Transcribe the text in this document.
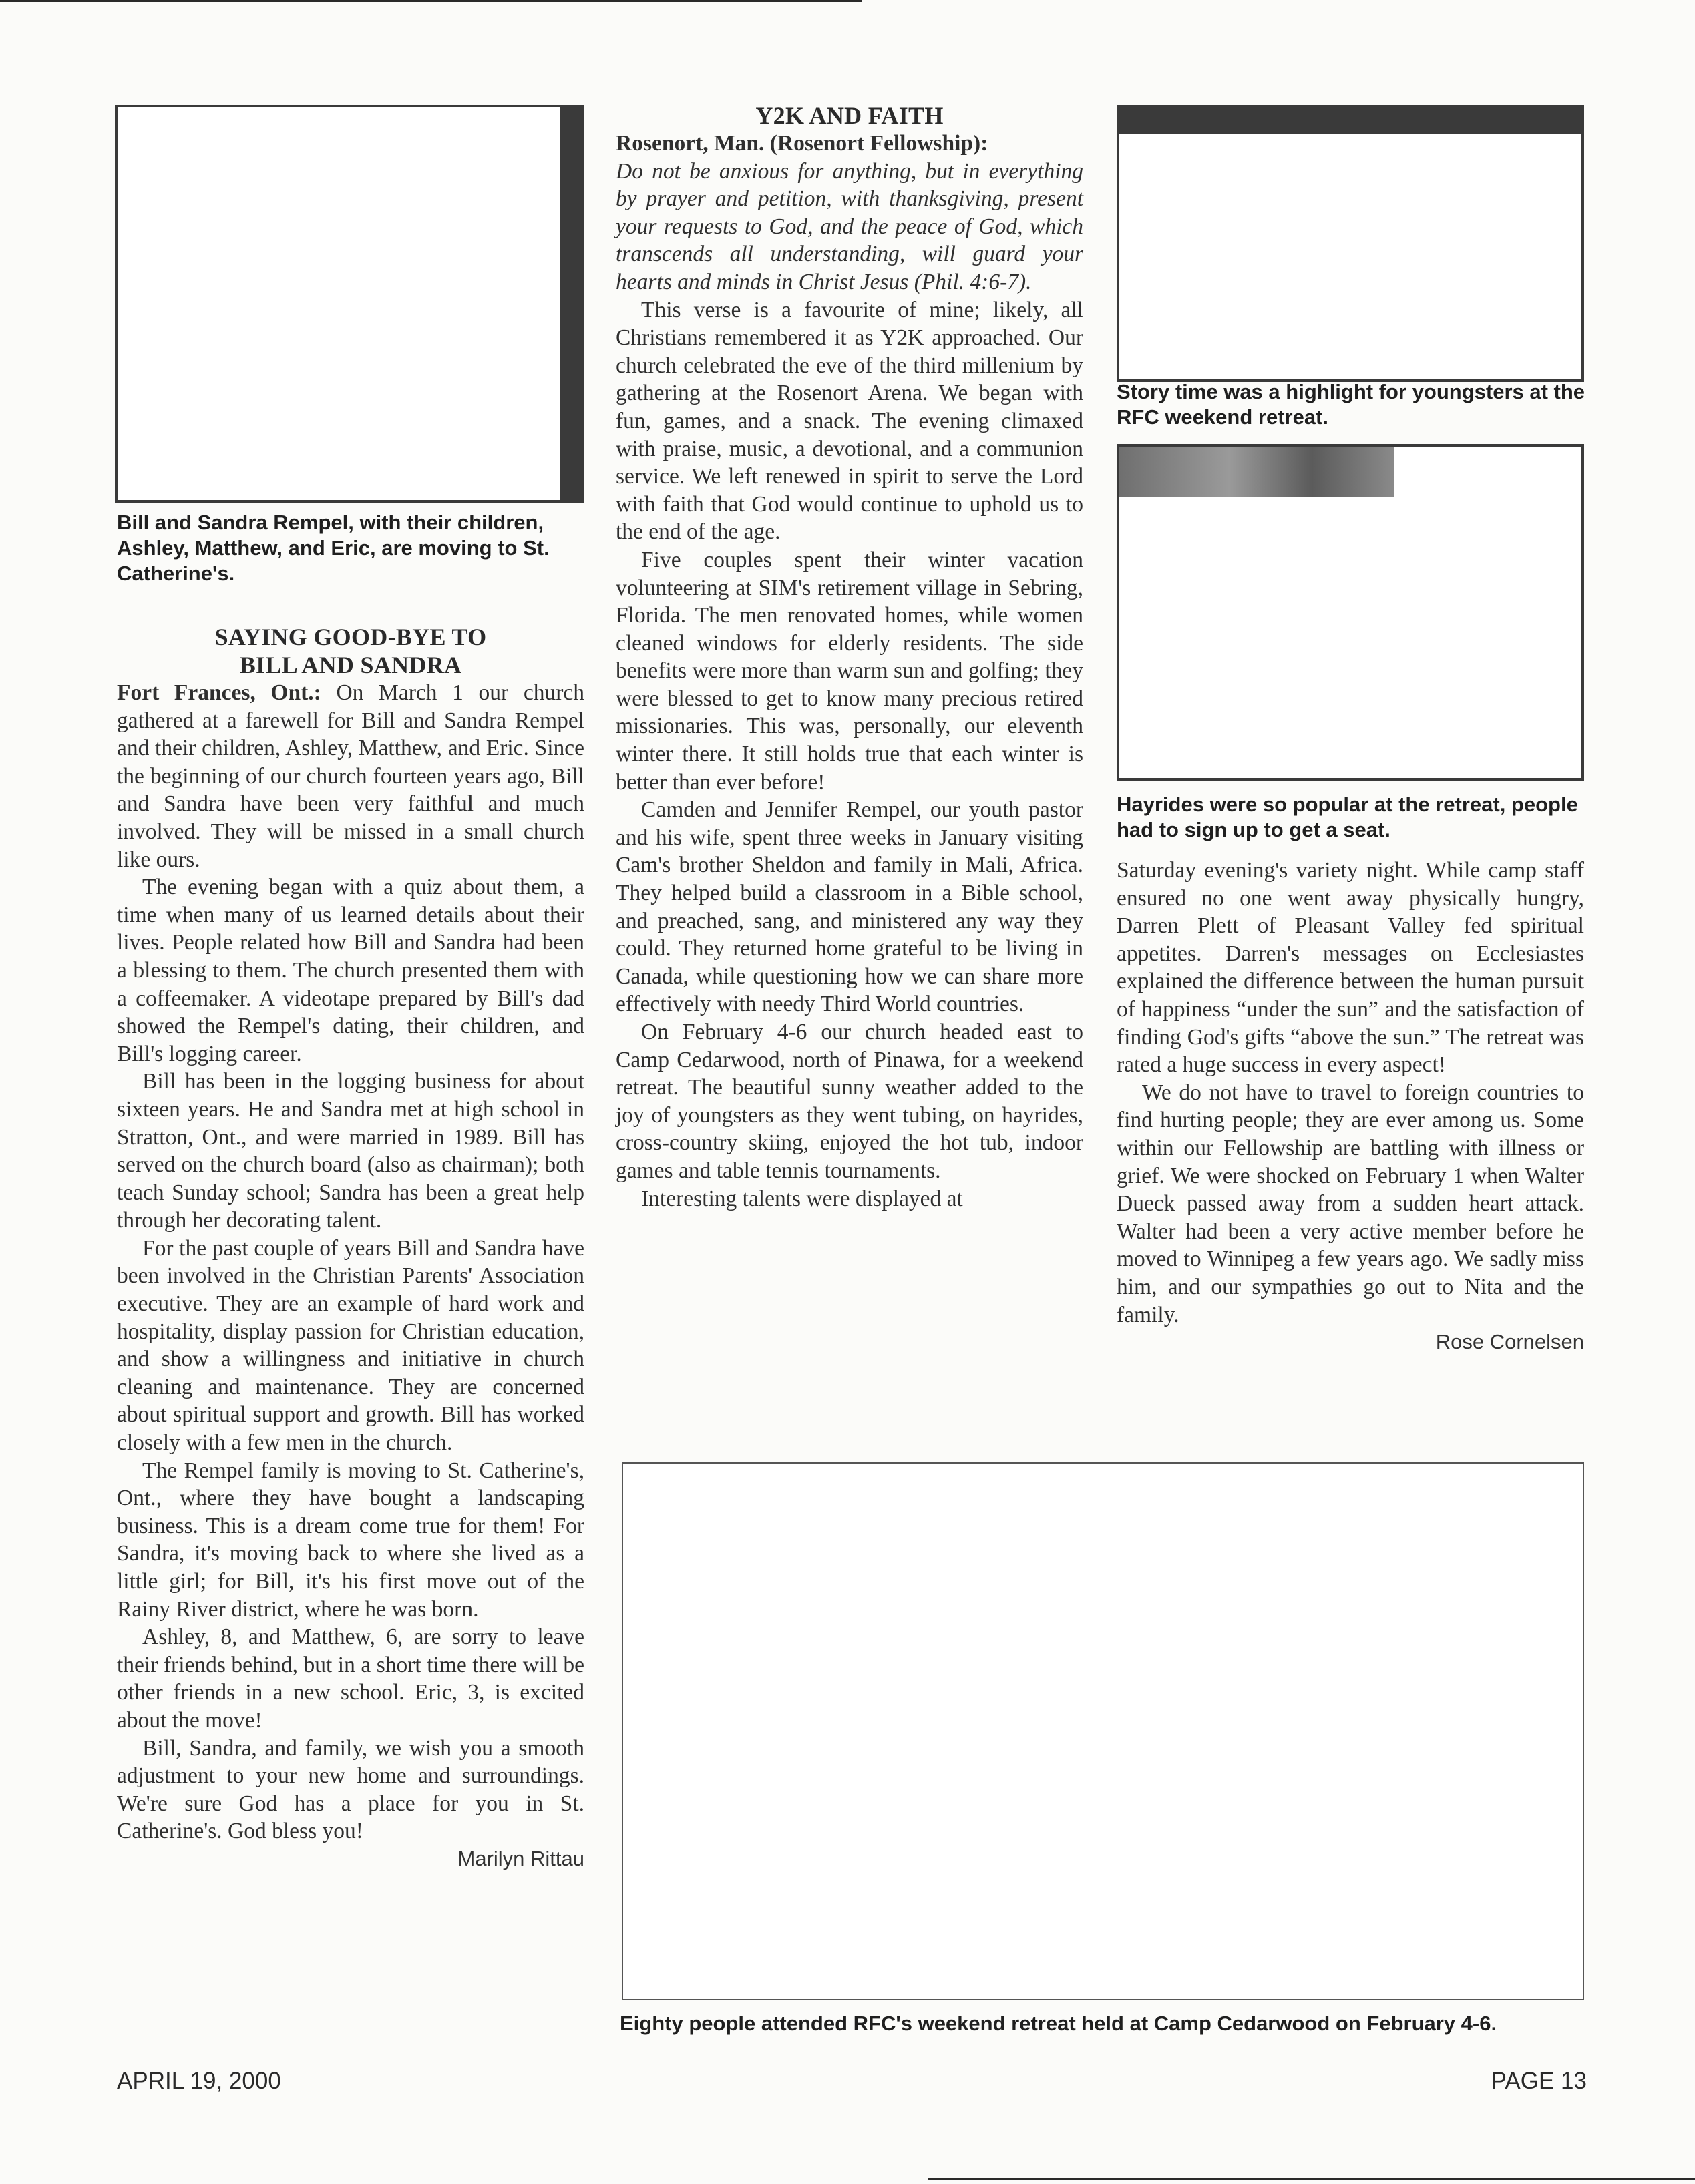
Bill and Sandra Rempel, with their children, Ashley, Matthew, and Eric, are moving to St. Catherine's.
SAYING GOOD-BYE TO
BILL AND SANDRA

Fort Frances, Ont.: On March 1 our church gathered at a farewell for Bill and Sandra Rempel and their children, Ashley, Matthew, and Eric. Since the beginning of our church fourteen years ago, Bill and Sandra have been very faithful and much involved. They will be missed in a small church like ours.

The evening began with a quiz about them, a time when many of us learned details about their lives. People related how Bill and Sandra had been a blessing to them. The church presented them with a coffeemaker. A videotape prepared by Bill's dad showed the Rempel's dating, their children, and Bill's logging career.

Bill has been in the logging business for about sixteen years. He and Sandra met at high school in Stratton, Ont., and were married in 1989. Bill has served on the church board (also as chairman); both teach Sunday school; Sandra has been a great help through her decorating talent.

For the past couple of years Bill and Sandra have been involved in the Christian Parents' Association executive. They are an example of hard work and hospitality, display passion for Christian education, and show a willingness and initiative in church cleaning and maintenance. They are concerned about spiritual support and growth. Bill has worked closely with a few men in the church.

The Rempel family is moving to St. Catherine's, Ont., where they have bought a landscaping business. This is a dream come true for them! For Sandra, it's moving back to where she lived as a little girl; for Bill, it's his first move out of the Rainy River district, where he was born.

Ashley, 8, and Matthew, 6, are sorry to leave their friends behind, but in a short time there will be other friends in a new school. Eric, 3, is excited about the move!

Bill, Sandra, and family, we wish you a smooth adjustment to your new home and surroundings. We're sure God has a place for you in St. Catherine's. God bless you!

Marilyn Rittau
Y2K AND FAITH

Rosenort, Man. (Rosenort Fellowship):

Do not be anxious for anything, but in everything by prayer and petition, with thanksgiving, present your requests to God, and the peace of God, which transcends all understanding, will guard your hearts and minds in Christ Jesus (Phil. 4:6-7).

This verse is a favourite of mine; likely, all Christians remembered it as Y2K approached. Our church celebrated the eve of the third millenium by gathering at the Rosenort Arena. We began with fun, games, and a snack. The evening climaxed with praise, music, a devotional, and a communion service. We left renewed in spirit to serve the Lord with faith that God would continue to uphold us to the end of the age.

Five couples spent their winter vacation volunteering at SIM's retirement village in Sebring, Florida. The men renovated homes, while women cleaned windows for elderly residents. The side benefits were more than warm sun and golfing; they were blessed to get to know many precious retired missionaries. This was, personally, our eleventh winter there. It still holds true that each winter is better than ever before!

Camden and Jennifer Rempel, our youth pastor and his wife, spent three weeks in January visiting Cam's brother Sheldon and family in Mali, Africa. They helped build a classroom in a Bible school, and preached, sang, and ministered any way they could. They returned home grateful to be living in Canada, while questioning how we can share more effectively with needy Third World countries.

On February 4-6 our church headed east to Camp Cedarwood, north of Pinawa, for a weekend retreat. The beautiful sunny weather added to the joy of youngsters as they went tubing, on hayrides, cross-country skiing, enjoyed the hot tub, indoor games and table tennis tournaments.

Interesting talents were displayed at

Story time was a highlight for youngsters at the RFC weekend retreat.
Hayrides were so popular at the retreat, people had to sign up to get a seat.

Saturday evening's variety night. While camp staff ensured no one went away physically hungry, Darren Plett of Pleasant Valley fed spiritual appetites. Darren's messages on Ecclesiastes explained the difference between the human pursuit of happiness “under the sun” and the satisfaction of finding God's gifts “above the sun.” The retreat was rated a huge success in every aspect!

We do not have to travel to foreign countries to find hurting people; they are ever among us. Some within our Fellowship are battling with illness or grief. We were shocked on February 1 when Walter Dueck passed away from a sudden heart attack. Walter had been a very active member before he moved to Winnipeg a few years ago. We sadly miss him, and our sympathies go out to Nita and the family.

Rose Cornelsen
Eighty people attended RFC's weekend retreat held at Camp Cedarwood on February 4-6.
APRIL 19, 2000	PAGE 13
